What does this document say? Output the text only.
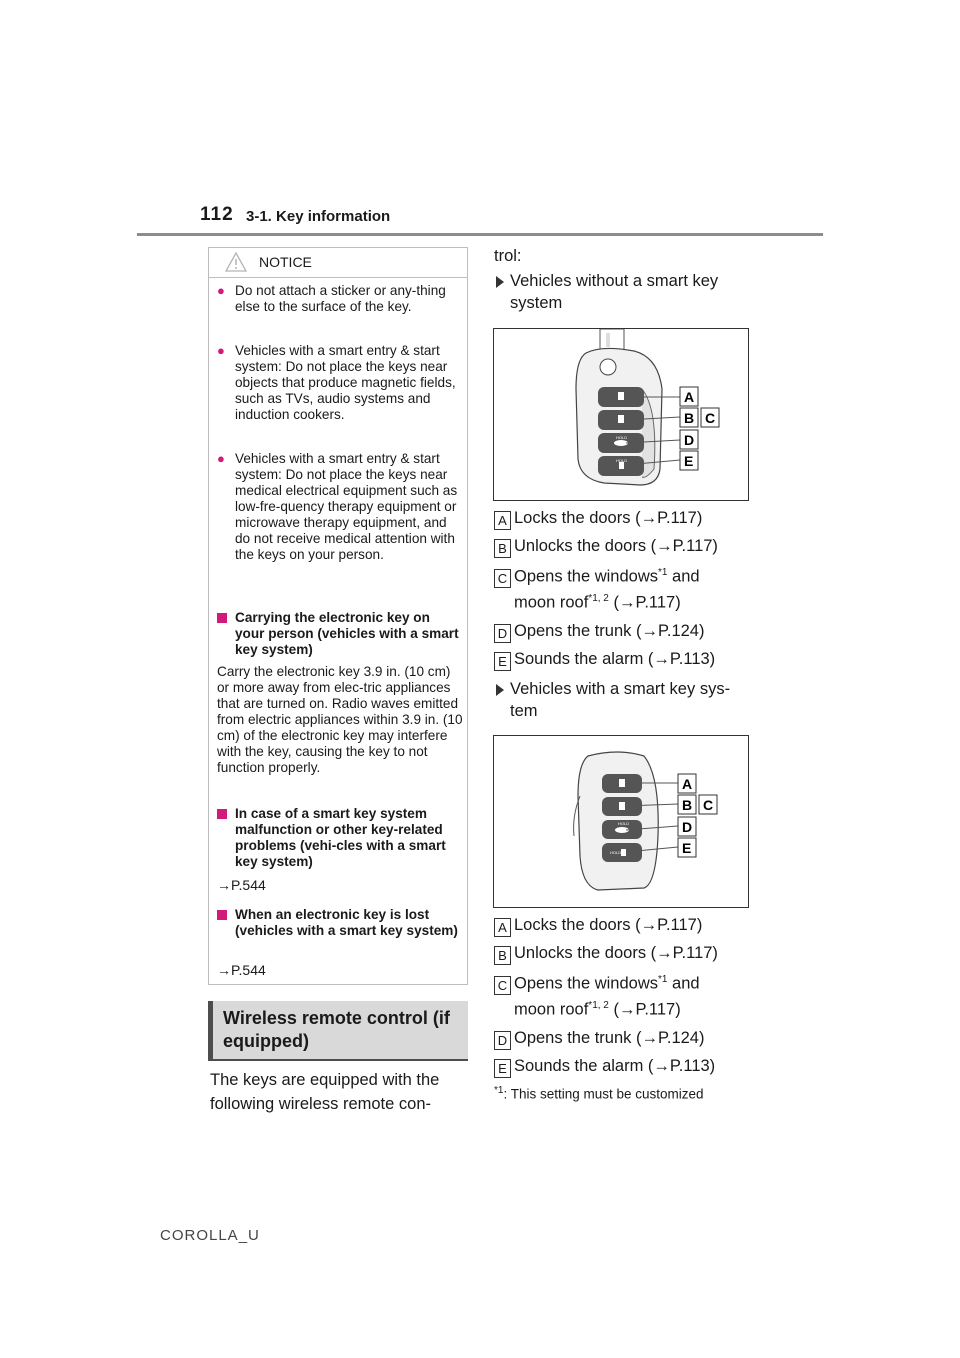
112 3-1. Key information
NOTICE
● Do not attach a sticker or any-thing else to the surface of the key.
● Vehicles with a smart entry & start system: Do not place the keys near objects that produce magnetic fields, such as TVs, audio systems and induction cookers.
● Vehicles with a smart entry & start system: Do not place the keys near medical electrical equipment such as low-fre-quency therapy equipment or microwave therapy equipment, and do not receive medical attention with the keys on your person.
Carrying the electronic key on your person (vehicles with a smart key system)
Carry the electronic key 3.9 in. (10 cm) or more away from elec-tric appliances that are turned on. Radio waves emitted from electric appliances within 3.9 in. (10 cm) of the electronic key may interfere with the key, causing the key to not function properly.
In case of a smart key system malfunction or other key-related problems (vehi-cles with a smart key system)
→P.544
When an electronic key is lost (vehicles with a smart key system)
→P.544
Wireless remote control (if equipped)
The keys are equipped with the following wireless remote con-
trol:
Vehicles without a smart key system
HOLD
HOLD
A
B C
D
E
A Locks the doors (→P.117)
B Unlocks the doors (→P.117)
C Opens the windows$^{*1}$ and
moon roof$^{*1, 2}$ (→P.117)
D Opens the trunk (→P.124)
E Sounds the alarm (→P.113)
Vehicles with a smart key sys-tem
HOLD
HOLD
A
B C
D
E
A Locks the doors (→P.117)
B Unlocks the doors (→P.117)
C Opens the windows$^{*1}$ and
moon roof$^{*1, 2}$ (→P.117)
D Opens the trunk (→P.124)
E Sounds the alarm (→P.113)
$^{*1}$: This setting must be customized
COROLLA_U
